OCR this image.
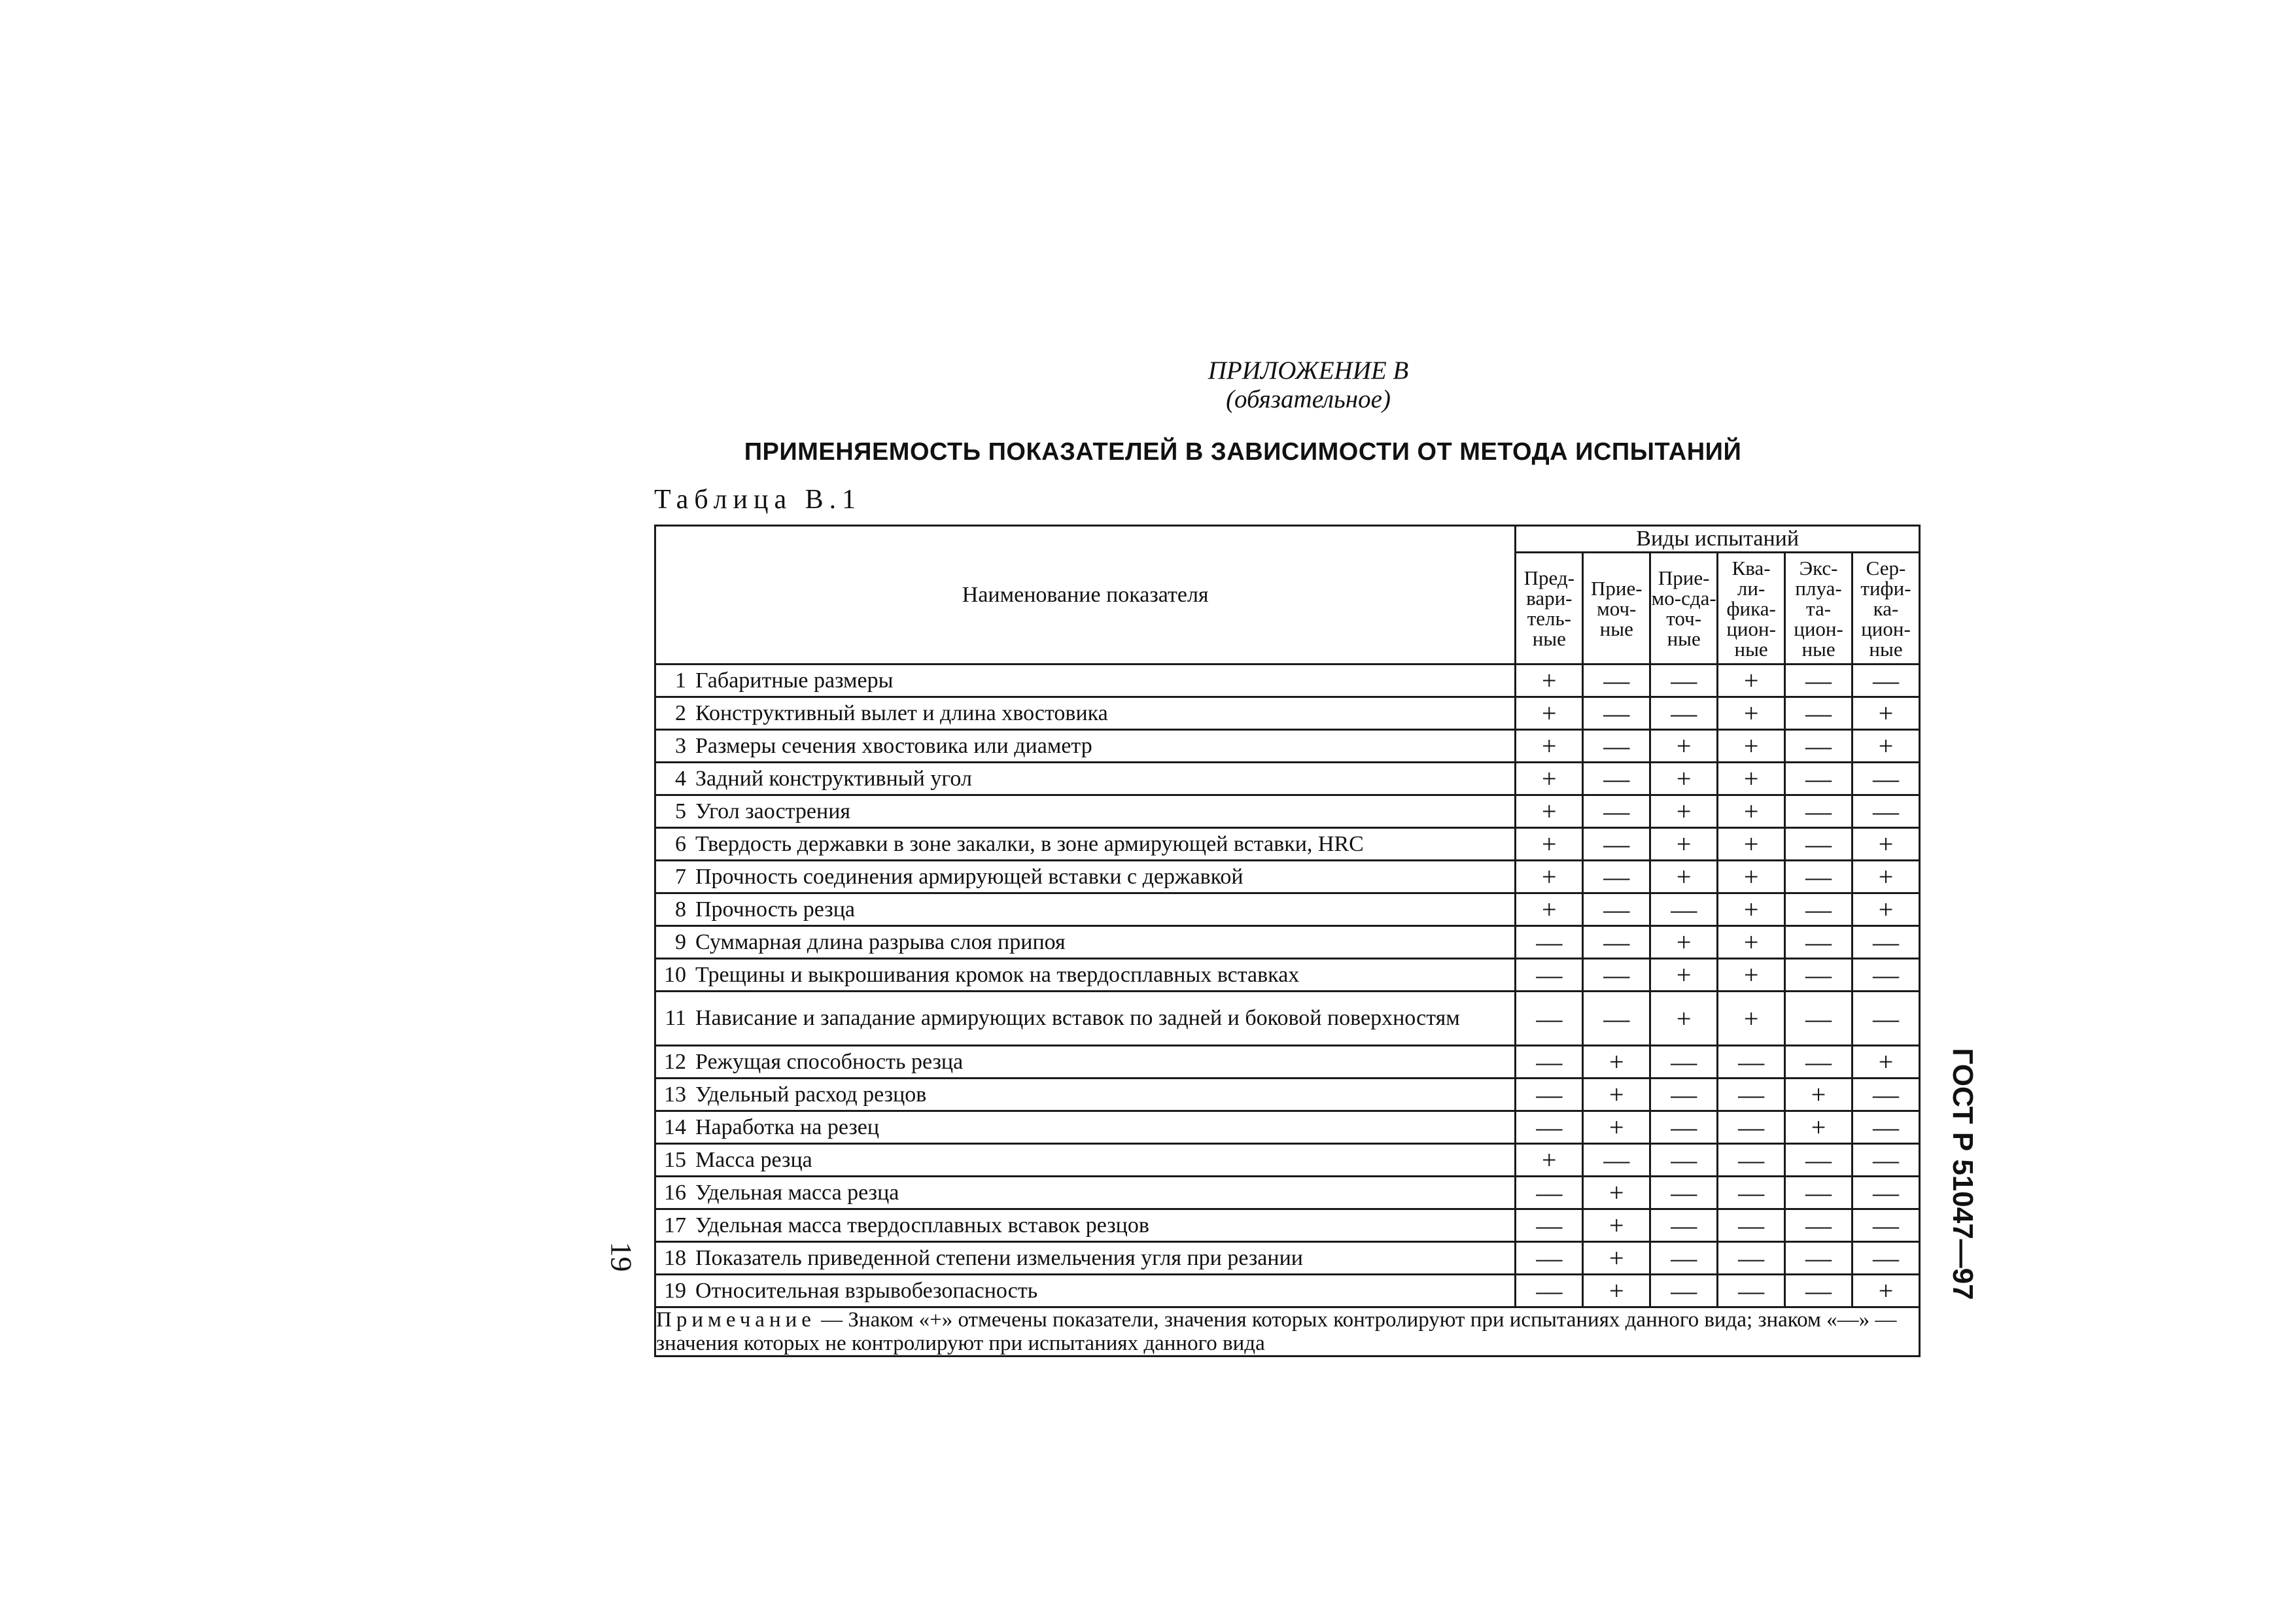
ПРИЛОЖЕНИЕ В
(обязательное)
ПРИМЕНЯЕМОСТЬ ПОКАЗАТЕЛЕЙ В ЗАВИСИМОСТИ ОТ МЕТОДА ИСПЫТАНИЙ
Таблица В.1
19	ГОСТ Р 51047—97
Наименование показателя	Виды испытаний					
	Пред-вари-тель-ные	Прие-моч-ные	Прие-мо-сда-точ-ные	Ква-ли-фика-цион-ные	Экс-плуа-та-цион-ные	Сер-тифи-ка-цион-ные
1 Габаритные размеры	+	—	—	+	—	—
2 Конструктивный вылет и длина хвостовика	+	—	—	+	—	+
3 Размеры сечения хвостовика или диаметр	+	—	+	+	—	+
4 Задний конструктивный угол	+	—	+	+	—	—
5 Угол заострения	+	—	+	+	—	—
6 Твердость державки в зоне закалки, в зоне армирующей вставки, HRC	+	—	+	+	—	+
7 Прочность соединения армирующей вставки с державкой	+	—	+	+	—	+
8 Прочность резца	+	—	—	+	—	+
9 Суммарная длина разрыва слоя припоя	—	—	+	+	—	—
10 Трещины и выкрошивания кромок на твердосплавных вставках	—	—	+	+	—	—
11 Нависание и западание армирующих вставок по задней и боковой поверхностям	—	—	+	+	—	—
12 Режущая способность резца	—	+	—	—	—	+
13 Удельный расход резцов	—	+	—	—	+	—
14 Наработка на резец	—	+	—	—	+	—
15 Масса резца	+	—	—	—	—	—
16 Удельная масса резца	—	+	—	—	—	—
17 Удельная масса твердосплавных вставок резцов	—	+	—	—	—	—
18 Показатель приведенной степени измельчения угля при резании	—	+	—	—	—	—
19 Относительная взрывобезопасность	—	+	—	—	—	+
Примечание — Знаком «+» отмечены показатели, значения которых контролируют при испытаниях данного вида; знаком «—» — значения которых не контролируют при испытаниях данного вида						
